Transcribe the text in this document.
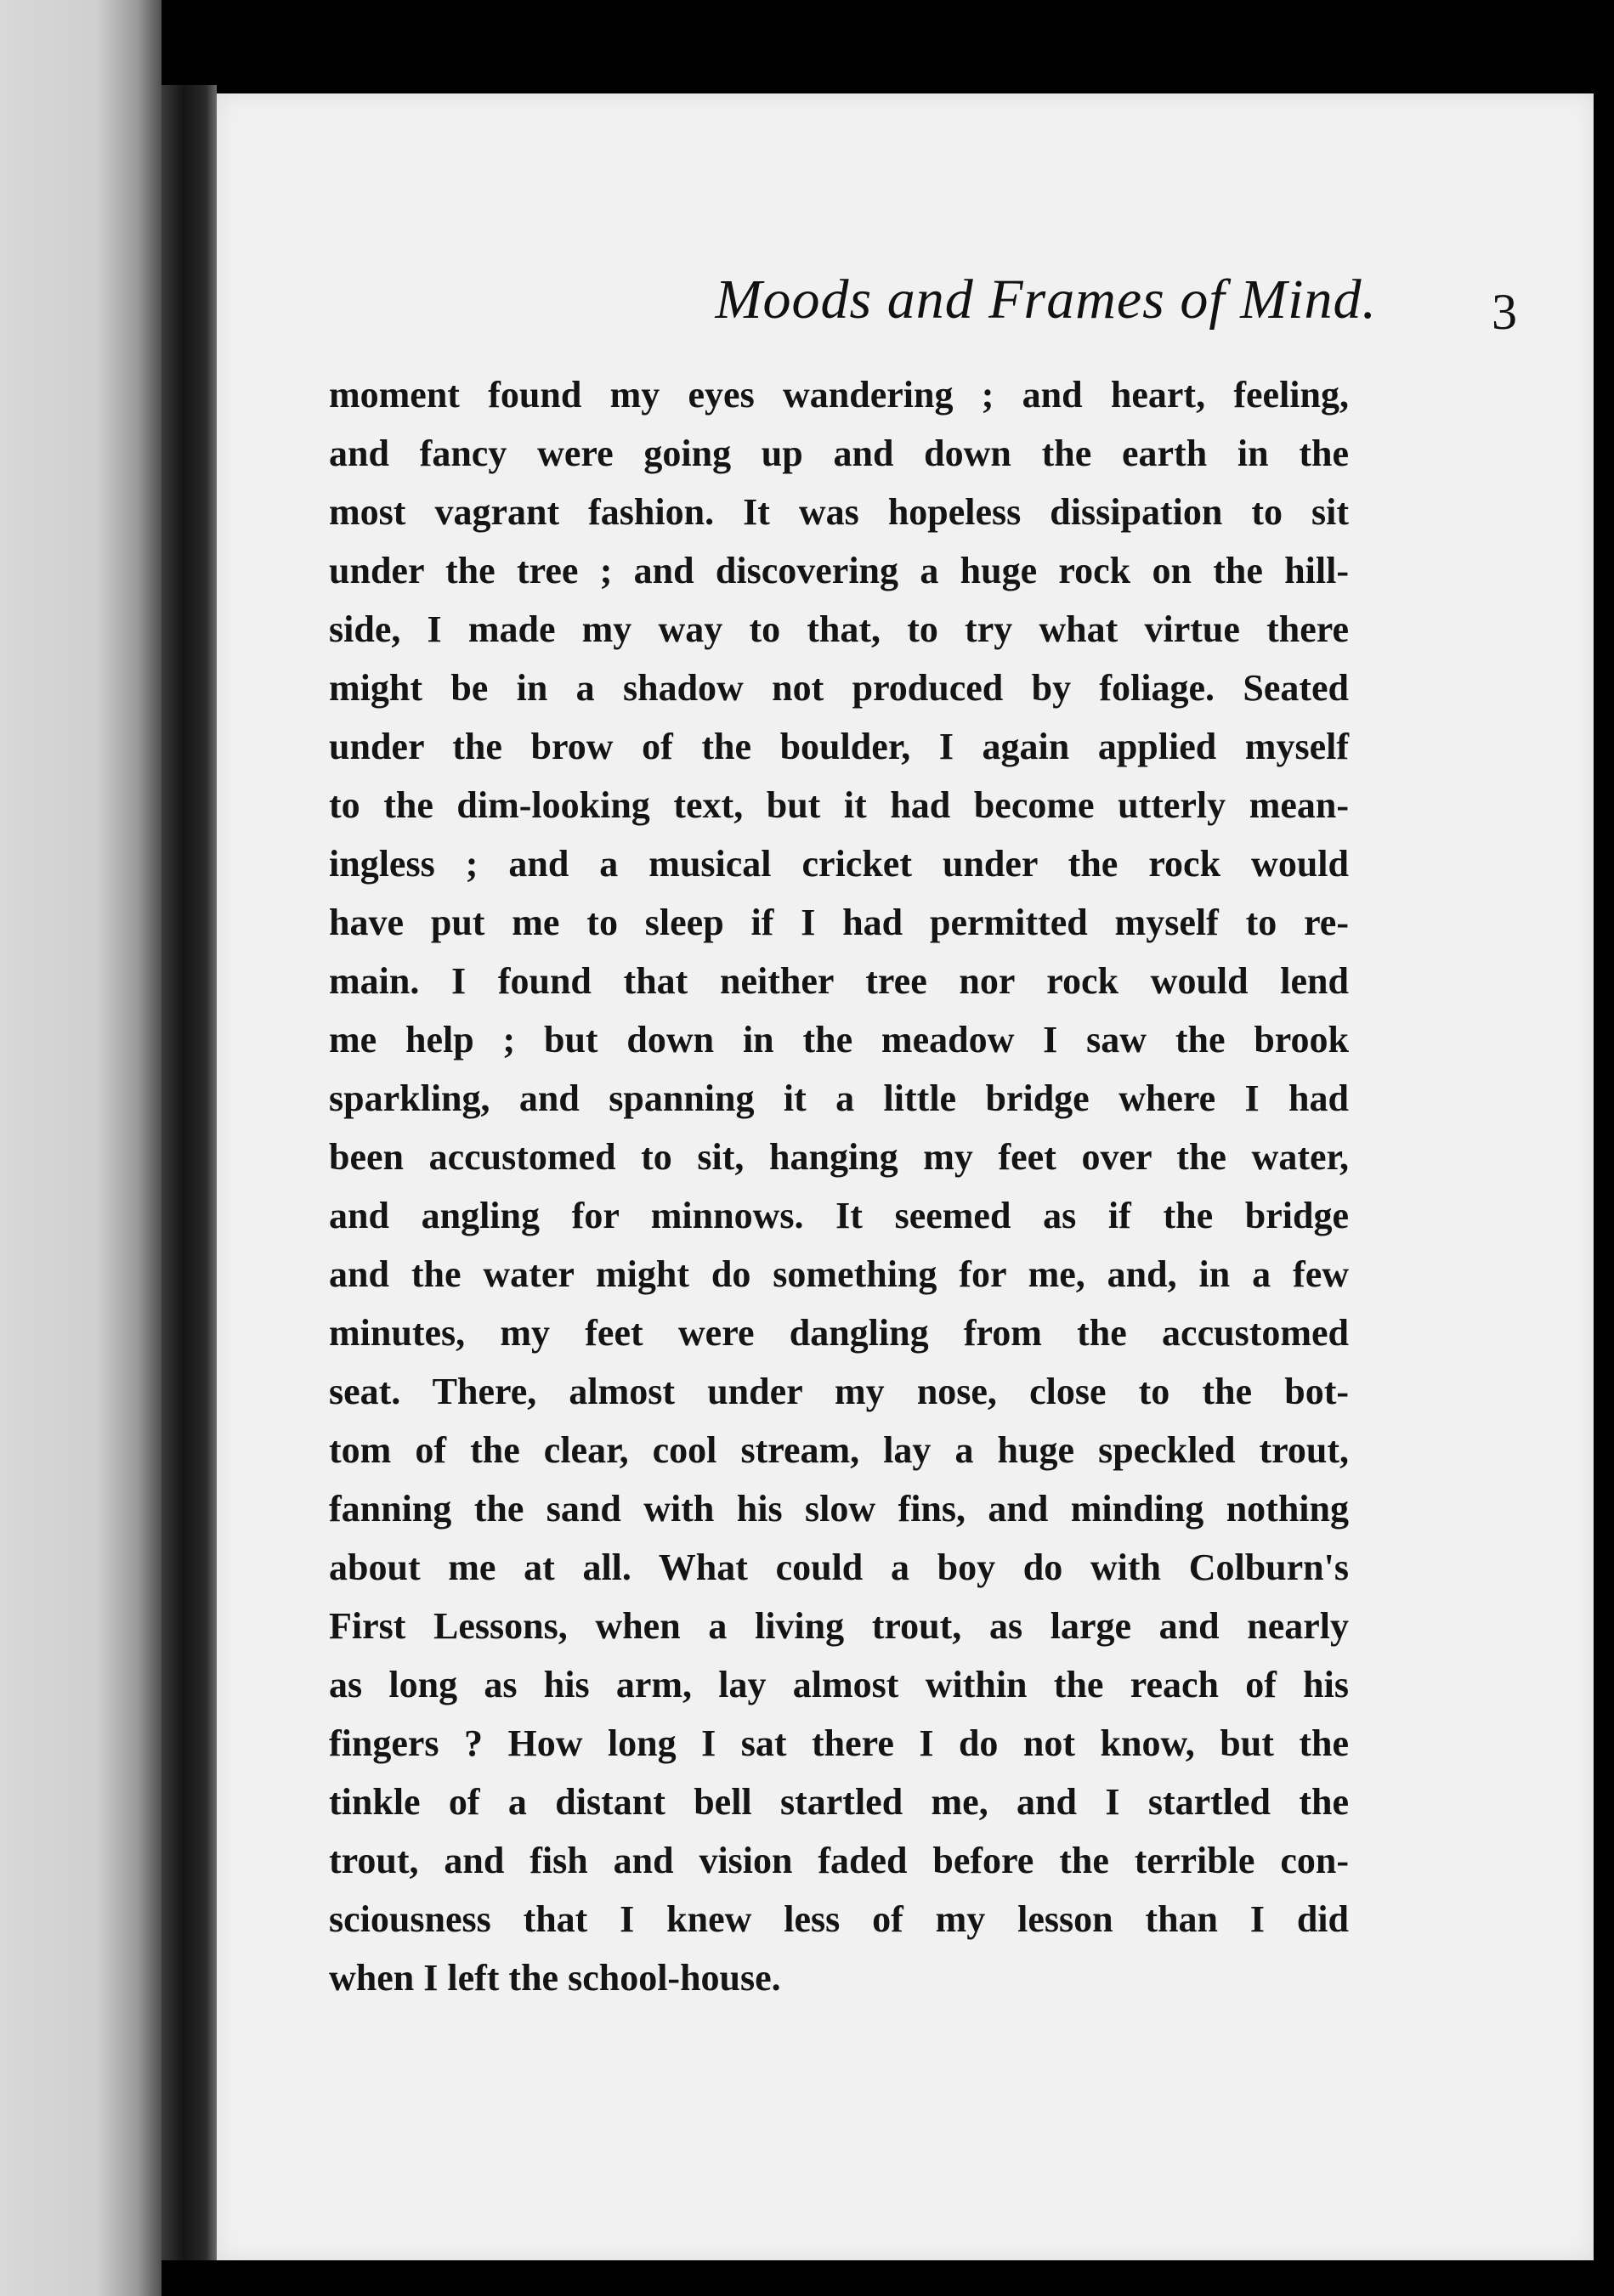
Moods and Frames of Mind. 3
moment found my eyes wandering ; and heart, feeling,
and fancy were going up and down the earth in the
most vagrant fashion. It was hopeless dissipation to sit
under the tree ; and discovering a huge rock on the hill-
side, I made my way to that, to try what virtue there
might be in a shadow not produced by foliage. Seated
under the brow of the boulder, I again applied myself
to the dim-looking text, but it had become utterly mean-
ingless ; and a musical cricket under the rock would
have put me to sleep if I had permitted myself to re-
main. I found that neither tree nor rock would lend
me help ; but down in the meadow I saw the brook
sparkling, and spanning it a little bridge where I had
been accustomed to sit, hanging my feet over the water,
and angling for minnows. It seemed as if the bridge
and the water might do something for me, and, in a few
minutes, my feet were dangling from the accustomed
seat. There, almost under my nose, close to the bot-
tom of the clear, cool stream, lay a huge speckled trout,
fanning the sand with his slow fins, and minding nothing
about me at all. What could a boy do with Colburn's
First Lessons, when a living trout, as large and nearly
as long as his arm, lay almost within the reach of his
fingers ? How long I sat there I do not know, but the
tinkle of a distant bell startled me, and I startled the
trout, and fish and vision faded before the terrible con-
sciousness that I knew less of my lesson than I did
when I left the school-house.
